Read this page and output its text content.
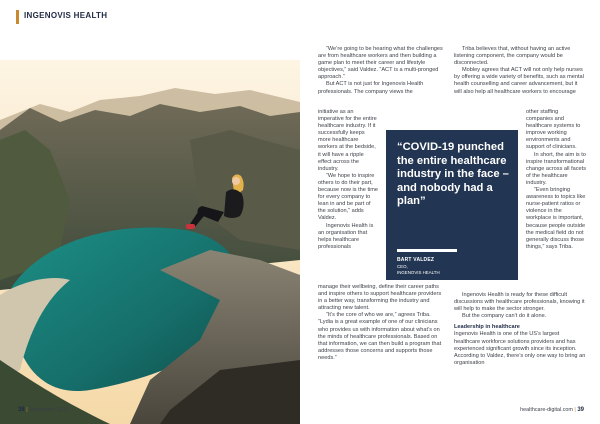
INGENOVIS HEALTH

“We’re going to be hearing what the challenges are from healthcare workers and then building a game plan to meet their career and lifestyle objectives,” said Valdez. “ACT is a multi-pronged approach.”

But ACT is not just for Ingenovis Health professionals. The company views the

initiative as an imperative for the entire healthcare industry. If it successfully keeps more healthcare workers at the bedside, it will have a ripple effect across the industry.

“We hope to inspire others to do their part, because now is the time for every company to lean in and be part of the solution,” adds Valdez.

Ingenovis Health is an organisation that helps healthcare professionals

manage their wellbeing, define their career paths and inspire others to support healthcare providers in a better way, transforming the industry and attracting new talent.

“It’s the core of who we are,” agrees Triba. “Lydia is a great example of one of our clinicians who provides us with information about what’s on the minds of healthcare professionals. Based on that information, we can then build a program that addresses those concerns and supports those needs.”

Triba believes that, without having an active listening component, the company would be disconnected.

Mobley agrees that ACT will not only help nurses by offering a wide variety of benefits, such as mental health counselling and career advancement, but it will also help all healthcare workers to encourage

other staffing companies and healthcare systems to improve working environments and support of clinicians.

In short, the aim is to inspire transformational change across all facets of the healthcare industry.

“Even bringing awareness to topics like nurse-patient ratios or violence in the workplace is important, because people outside the medical field do not generally discuss those things,” says Triba.

Ingenovis Health is ready for these difficult discussions with healthcare professionals, knowing it will help to make the sector stronger.

But the company can’t do it alone.

Leadership in healthcare

Ingenovis Health is one of the US’s largest healthcare workforce solutions providers and has experienced significant growth since its inception. According to Valdez, there’s only one way to bring an organisation

“COVID-19 punched the entire healthcare industry in the face – and nobody had a plan”
BART VALDEZ
CEO,
INGENOVIS HEALTH
38 | September 2022	healthcare-digital.com | 39
